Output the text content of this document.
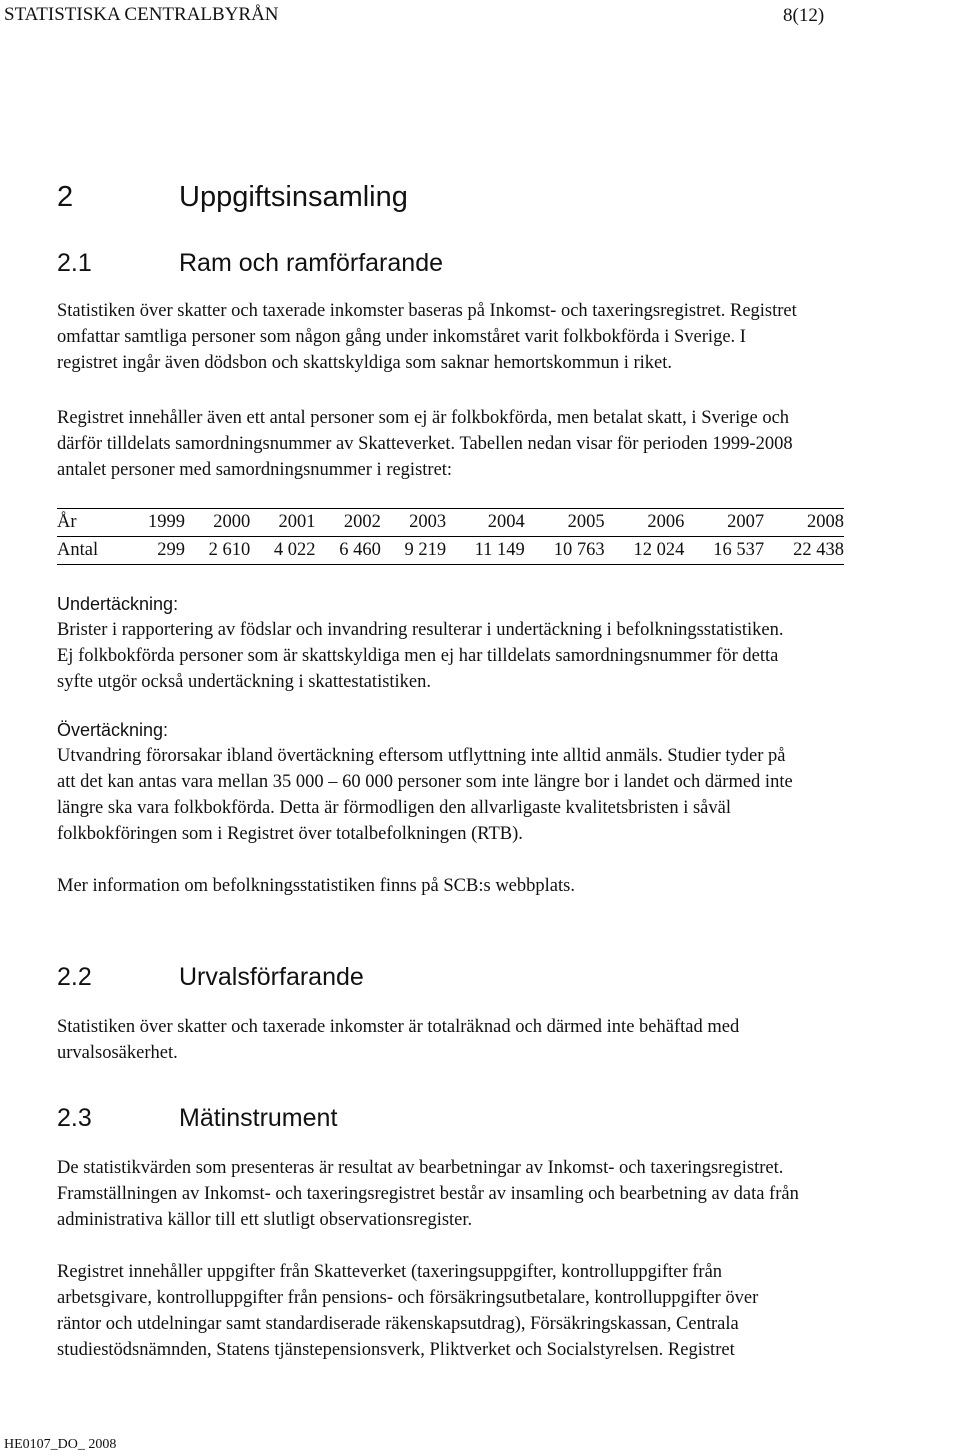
STATISTISKA CENTRALBYRÅN	8(12)
2	Uppgiftsinsamling
2.1	Ram och ramförfarande

Statistiken över skatter och taxerade inkomster baseras på Inkomst- och taxeringsregistret. Registret

omfattar samtliga personer som någon gång under inkomståret varit folkbokförda i Sverige. I

registret ingår även dödsbon och skattskyldiga som saknar hemortskommun i riket.

Registret innehåller även ett antal personer som ej är folkbokförda, men betalat skatt, i Sverige och

därför tilldelats samordningsnummer av Skatteverket. Tabellen nedan visar för perioden 1999-2008

antalet personer med samordningsnummer i registret:

År	1999	2000	2001	2002	2003	2004	2005	2006	2007	2008
Antal	299	2 610	4 022	6 460	9 219	11 149	10 763	12 024	16 537	22 438
Undertäckning:

Brister i rapportering av födslar och invandring resulterar i undertäckning i befolkningsstatistiken.

Ej folkbokförda personer som är skattskyldiga men ej har tilldelats samordningsnummer för detta

syfte utgör också undertäckning i skattestatistiken.

Övertäckning:

Utvandring förorsakar ibland övertäckning eftersom utflyttning inte alltid anmäls. Studier tyder på

att det kan antas vara mellan 35 000 – 60 000 personer som inte längre bor i landet och därmed inte

längre ska vara folkbokförda. Detta är förmodligen den allvarligaste kvalitetsbristen i såväl

folkbokföringen som i Registret över totalbefolkningen (RTB).

Mer information om befolkningsstatistiken finns på SCB:s webbplats.

2.2	Urvalsförfarande

Statistiken över skatter och taxerade inkomster är totalräknad och därmed inte behäftad med

urvalsosäkerhet.

2.3	Mätinstrument

De statistikvärden som presenteras är resultat av bearbetningar av Inkomst- och taxeringsregistret.

Framställningen av Inkomst- och taxeringsregistret består av insamling och bearbetning av data från

administrativa källor till ett slutligt observationsregister.

Registret innehåller uppgifter från Skatteverket (taxeringsuppgifter, kontrolluppgifter från

arbetsgivare, kontrolluppgifter från pensions- och försäkringsutbetalare, kontrolluppgifter över

räntor och utdelningar samt standardiserade räkenskapsutdrag), Försäkringskassan, Centrala

studiestödsnämnden, Statens tjänstepensionsverk, Pliktverket och Socialstyrelsen. Registret

HE0107_DO_ 2008
